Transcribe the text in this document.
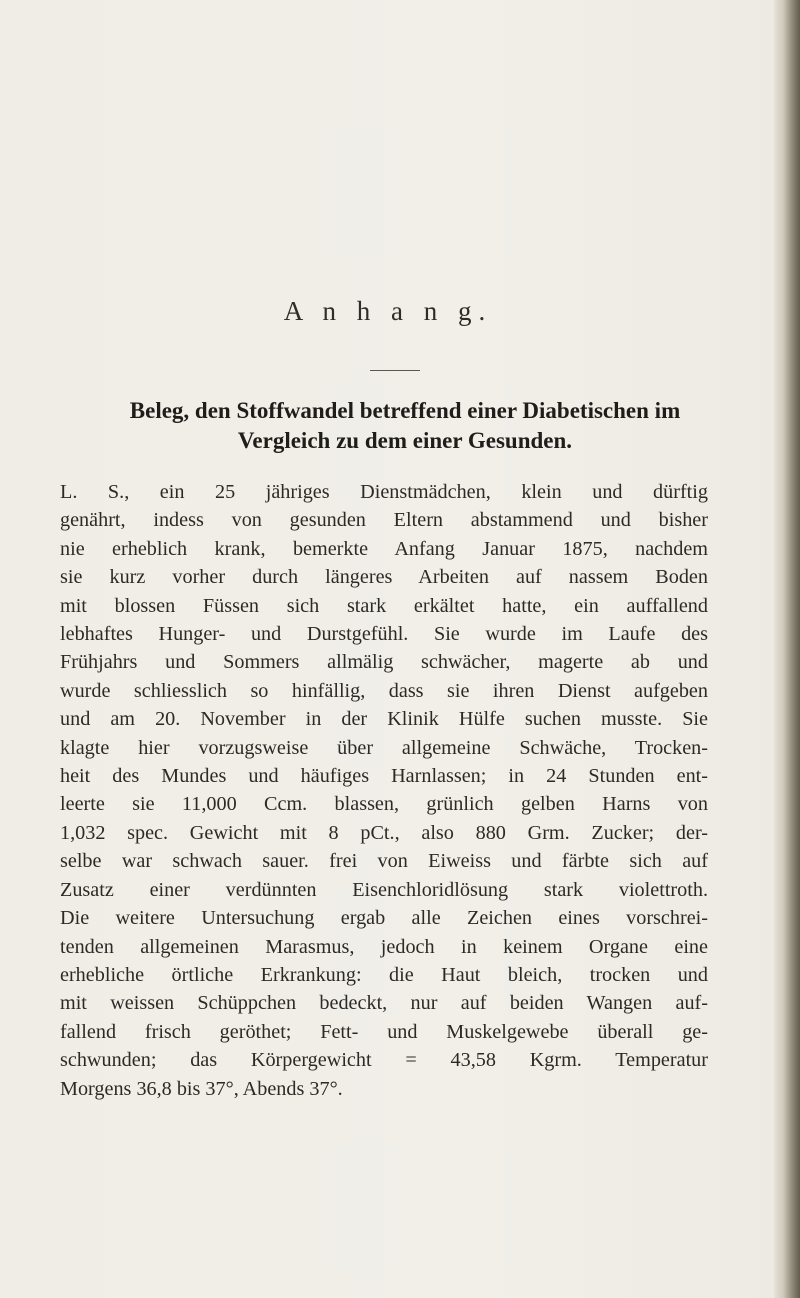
A n h a n g.
Beleg, den Stoffwandel betreffend einer Diabetischen im
Vergleich zu dem einer Gesunden.
L. S., ein 25 jähriges Dienstmädchen, klein und dürftig
genährt, indess von gesunden Eltern abstammend und bisher
nie erheblich krank, bemerkte Anfang Januar 1875, nachdem
sie kurz vorher durch längeres Arbeiten auf nassem Boden
mit blossen Füssen sich stark erkältet hatte, ein auffallend
lebhaftes Hunger- und Durstgefühl. Sie wurde im Laufe des
Frühjahrs und Sommers allmälig schwächer, magerte ab und
wurde schliesslich so hinfällig, dass sie ihren Dienst aufgeben
und am 20. November in der Klinik Hülfe suchen musste. Sie
klagte hier vorzugsweise über allgemeine Schwäche, Trocken-
heit des Mundes und häufiges Harnlassen; in 24 Stunden ent-
leerte sie 11,000 Ccm. blassen, grünlich gelben Harns von
1,032 spec. Gewicht mit 8 pCt., also 880 Grm. Zucker; der-
selbe war schwach sauer. frei von Eiweiss und färbte sich auf
Zusatz einer verdünnten Eisenchloridlösung stark violettroth.
Die weitere Untersuchung ergab alle Zeichen eines vorschrei-
tenden allgemeinen Marasmus, jedoch in keinem Organe eine
erhebliche örtliche Erkrankung: die Haut bleich, trocken und
mit weissen Schüppchen bedeckt, nur auf beiden Wangen auf-
fallend frisch geröthet; Fett- und Muskelgewebe überall ge-
schwunden; das Körpergewicht = 43,58 Kgrm. Temperatur
Morgens 36,8 bis 37°, Abends 37°.
